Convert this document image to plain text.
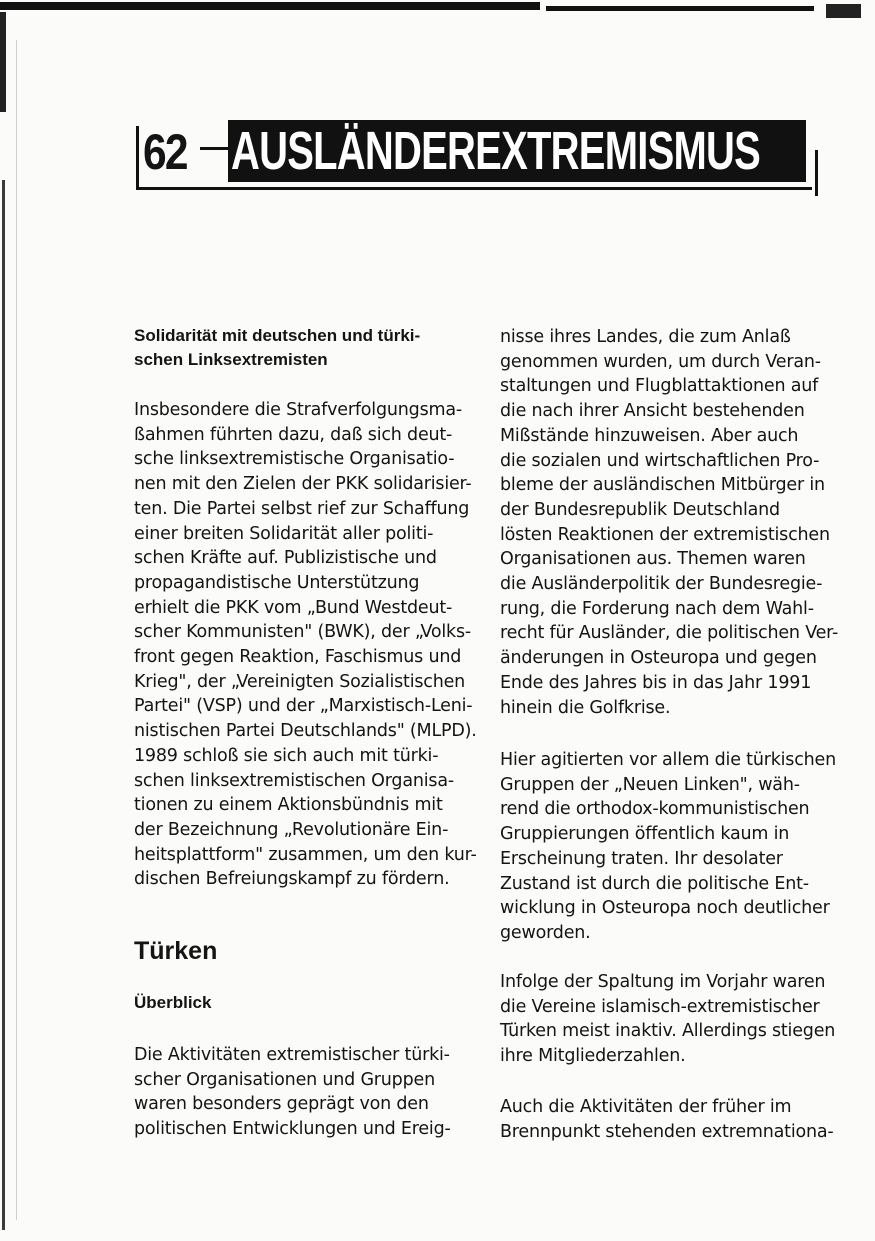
62 AUSLÄNDEREXTREMISMUS
Solidarität mit deutschen und türki-
schen Linksextremisten
Insbesondere die Strafverfolgungsma-
ßahmen führten dazu, daß sich deut-
sche linksextremistische Organisatio-
nen mit den Zielen der PKK solidarisier-
ten. Die Partei selbst rief zur Schaffung
einer breiten Solidarität aller politi-
schen Kräfte auf. Publizistische und
propagandistische Unterstützung
erhielt die PKK vom „Bund Westdeut-
scher Kommunisten" (BWK), der „Volks-
front gegen Reaktion, Faschismus und
Krieg", der „Vereinigten Sozialistischen
Partei" (VSP) und der „Marxistisch-Leni-
nistischen Partei Deutschlands" (MLPD).
1989 schloß sie sich auch mit türki-
schen linksextremistischen Organisa-
tionen zu einem Aktionsbündnis mit
der Bezeichnung „Revolutionäre Ein-
heitsplattform" zusammen, um den kur-
dischen Befreiungskampf zu fördern.
Türken
Überblick
Die Aktivitäten extremistischer türki-
scher Organisationen und Gruppen
waren besonders geprägt von den
politischen Entwicklungen und Ereig-
nisse ihres Landes, die zum Anlaß
genommen wurden, um durch Veran-
staltungen und Flugblattaktionen auf
die nach ihrer Ansicht bestehenden
Mißstände hinzuweisen. Aber auch
die sozialen und wirtschaftlichen Pro-
bleme der ausländischen Mitbürger in
der Bundesrepublik Deutschland
lösten Reaktionen der extremistischen
Organisationen aus. Themen waren
die Ausländerpolitik der Bundesregie-
rung, die Forderung nach dem Wahl-
recht für Ausländer, die politischen Ver-
änderungen in Osteuropa und gegen
Ende des Jahres bis in das Jahr 1991
hinein die Golfkrise.
Hier agitierten vor allem die türkischen
Gruppen der „Neuen Linken", wäh-
rend die orthodox-kommunistischen
Gruppierungen öffentlich kaum in
Erscheinung traten. Ihr desolater
Zustand ist durch die politische Ent-
wicklung in Osteuropa noch deutlicher
geworden.
Infolge der Spaltung im Vorjahr waren
die Vereine islamisch-extremistischer
Türken meist inaktiv. Allerdings stiegen
ihre Mitgliederzahlen.
Auch die Aktivitäten der früher im
Brennpunkt stehenden extremnationa-
